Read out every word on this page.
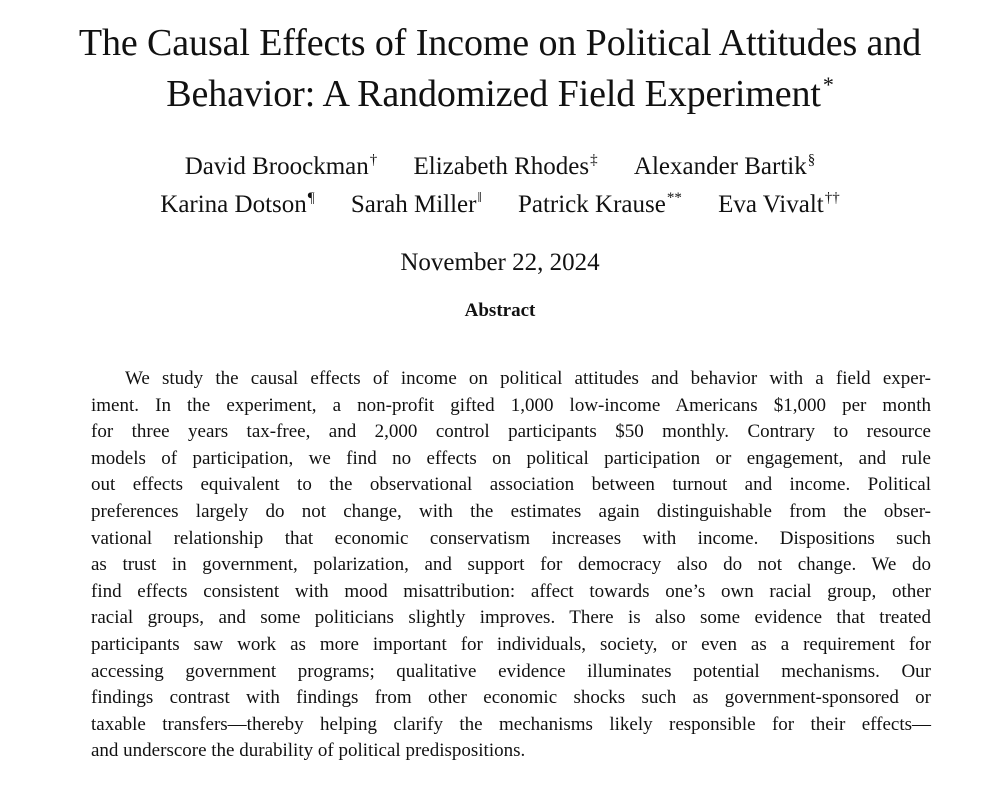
The Causal Effects of Income on Political Attitudes and
Behavior: A Randomized Field Experiment*
David Broockman† Elizabeth Rhodes‡ Alexander Bartik§
Karina Dotson¶ Sarah Miller‖ Patrick Krause** Eva Vivalt††
November 22, 2024
Abstract
We study the causal effects of income on political attitudes and behavior with a field exper-
iment. In the experiment, a non-profit gifted 1,000 low-income Americans $1,000 per month
for three years tax-free, and 2,000 control participants $50 monthly. Contrary to resource
models of participation, we find no effects on political participation or engagement, and rule
out effects equivalent to the observational association between turnout and income. Political
preferences largely do not change, with the estimates again distinguishable from the obser-
vational relationship that economic conservatism increases with income. Dispositions such
as trust in government, polarization, and support for democracy also do not change. We do
find effects consistent with mood misattribution: affect towards one’s own racial group, other
racial groups, and some politicians slightly improves. There is also some evidence that treated
participants saw work as more important for individuals, society, or even as a requirement for
accessing government programs; qualitative evidence illuminates potential mechanisms. Our
findings contrast with findings from other economic shocks such as government-sponsored or
taxable transfers—thereby helping clarify the mechanisms likely responsible for their effects—
and underscore the durability of political predispositions.
